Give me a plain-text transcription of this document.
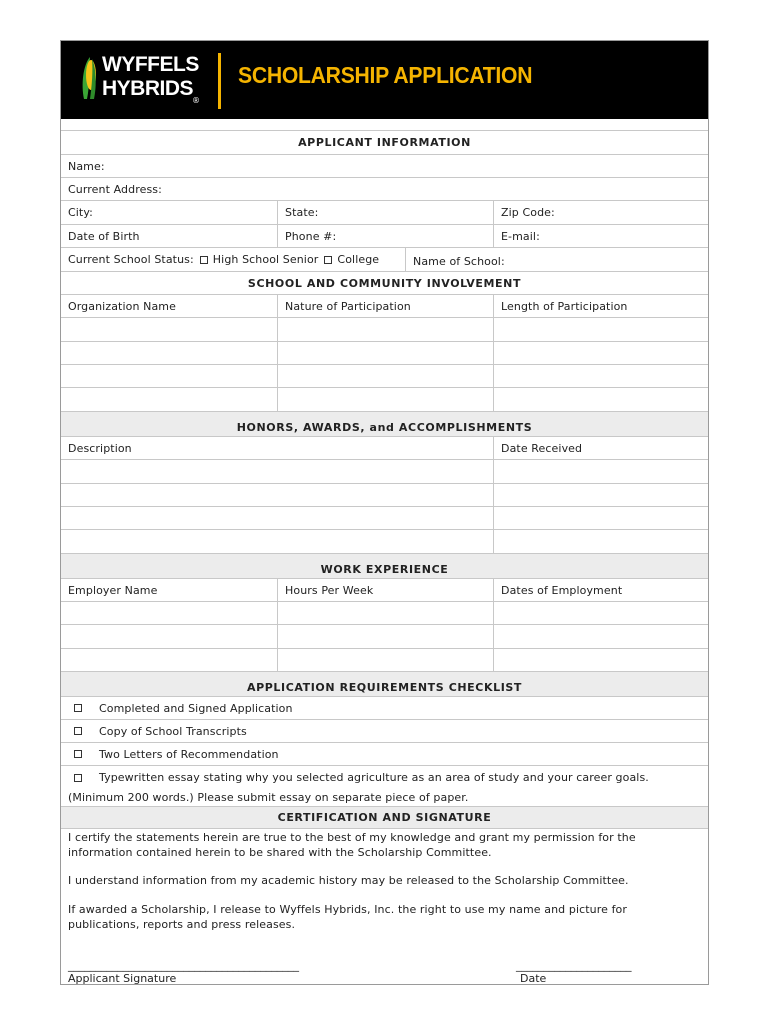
WYFFELS
HYBRIDS
®
SCHOLARSHIP APPLICATION
APPLICANT INFORMATION
Name:
Current Address:
City:	State:	Zip Code:
Date of Birth	Phone #:	E-mail:
Current School Status: High School Senior College	Name of School:
SCHOOL AND COMMUNITY INVOLVEMENT
Organization Name	Nature of Participation	Length of Participation
HONORS, AWARDS, and ACCOMPLISHMENTS
Description	Date Received
WORK EXPERIENCE
Employer Name	Hours Per Week	Dates of Employment
APPLICATION REQUIREMENTS CHECKLIST
Completed and Signed Application
Copy of School Transcripts
Two Letters of Recommendation
Typewritten essay stating why you selected agriculture as an area of study and your career goals.
(Minimum 200 words.) Please submit essay on separate piece of paper.
CERTIFICATION AND SIGNATURE
I certify the statements herein are true to the best of my knowledge and grant my permission for the information contained herein to be shared with the Scholarship Committee.
I understand information from my academic history may be released to the Scholarship Committee.
If awarded a Scholarship, I release to Wyffels Hybrids, Inc. the right to use my name and picture for publications, reports and press releases.
__________________________________________
Applicant Signature
_____________________
Date
